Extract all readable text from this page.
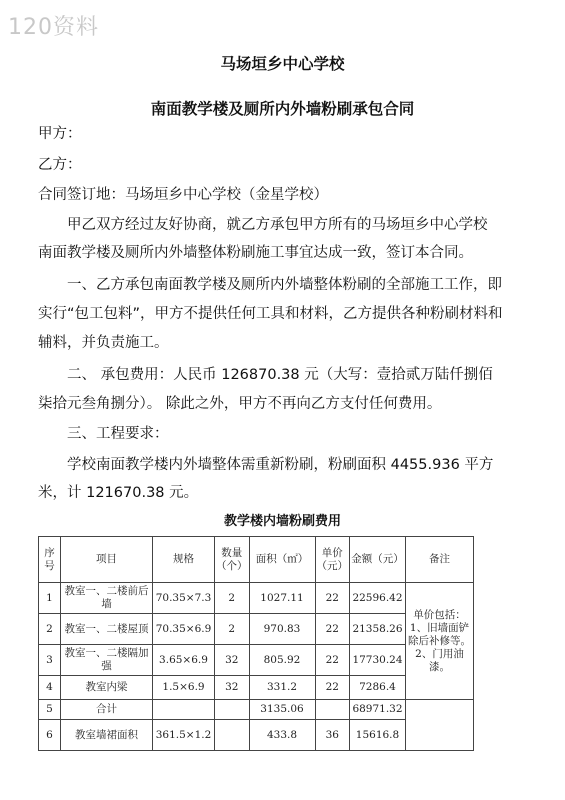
120资料
马场垣乡中心学校
南面教学楼及厕所内外墙粉刷承包合同
甲方：
乙方：
合同签订地：马场垣乡中心学校（金星学校）
甲乙双方经过友好协商，就乙方承包甲方所有的马场垣乡中心学校
南面教学楼及厕所内外墙整体粉刷施工事宜达成一致，签订本合同。
一、乙方承包南面教学楼及厕所内外墙整体粉刷的全部施工工作，即
实行“包工包料”，甲方不提供任何工具和材料，乙方提供各种粉刷材料和
辅料，并负责施工。
二、 承包费用：人民币 126870.38 元（大写：壹拾贰万陆仟捌佰
柒拾元叁角捌分）。 除此之外，甲方不再向乙方支付任何费用。
三、工程要求：
学校南面教学楼内外墙整体需重新粉刷，粉刷面积 4455.936 平方
米，计 121670.38 元。
教学楼内墙粉刷费用
序号	项目	规格	数量（个）	面积（㎡）	单价（元）	金额（元）	备注
1	教室一、二楼前后墙	70.35×7.3	2	1027.11	22	22596.42	单价包括：1、旧墙面铲除后补修等。2、门用油漆。
2	教室一、二楼屋顶	70.35×6.9	2	970.83	22	21358.26	
3	教室一、二楼隔加强	3.65×6.9	32	805.92	22	17730.24	
4	教室内梁	1.5×6.9	32	331.2	22	7286.4	
5	合计			3135.06		68971.32	
6	教室墙裙面积	361.5×1.2		433.8	36	15616.8	
